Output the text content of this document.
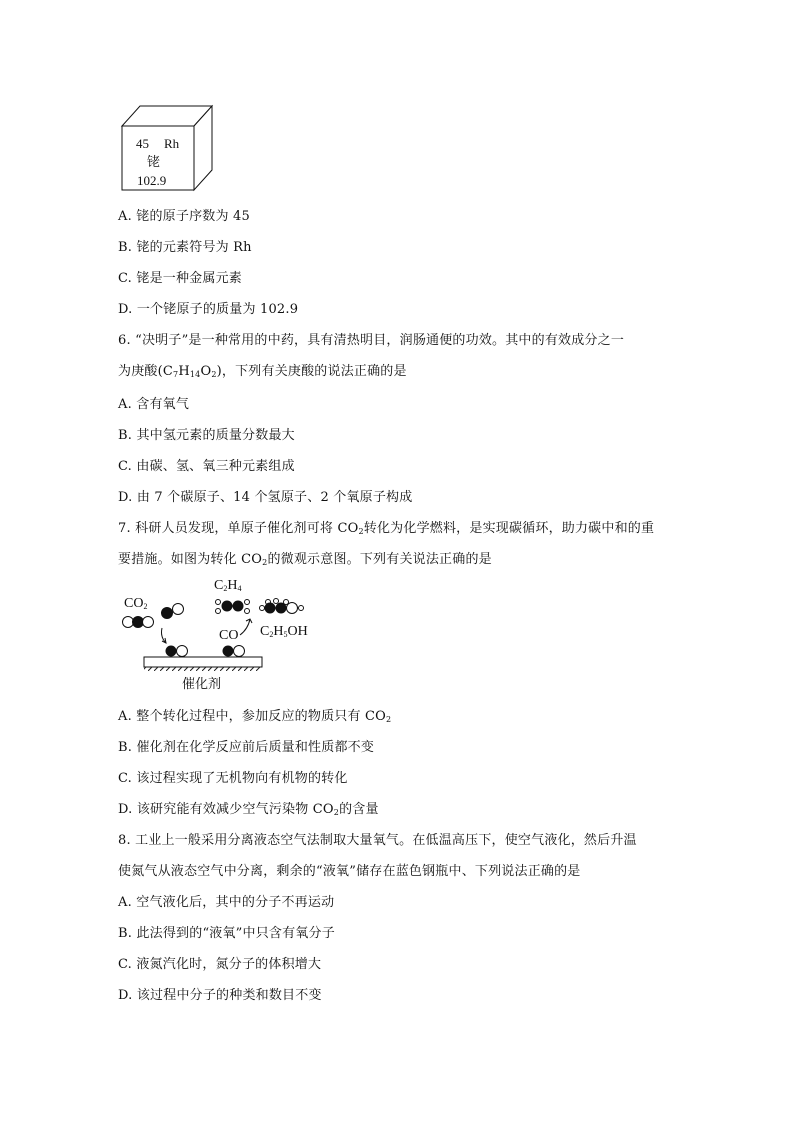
45 Rh
铑
102.9
A. 铑的原子序数为 45
B. 铑的元素符号为 Rh
C. 铑是一种金属元素
D. 一个铑原子的质量为 102.9
6. “决明子”是一种常用的中药，具有清热明目，润肠通便的功效。其中的有效成分之一
为庚酸$(C_7H_{14}O_2)$，下列有关庚酸的说法正确的是
A. 含有氧气
B. 其中氢元素的质量分数最大
C. 由碳、氢、氧三种元素组成
D. 由 7 个碳原子、14 个氢原子、2 个氧原子构成
7. 科研人员发现，单原子催化剂可将 $CO_2$转化为化学燃料，是实现碳循环，助力碳中和的重
要措施。如图为转化 $CO_2$的微观示意图。下列有关说法正确的是
$CO_2$
$C_2H_4$
CO $C_2H_5OH$
催化剂
A. 整个转化过程中，参加反应的物质只有 $CO_2$
B. 催化剂在化学反应前后质量和性质都不变
C. 该过程实现了无机物向有机物的转化
D. 该研究能有效减少空气污染物 $CO_2$的含量
8. 工业上一般采用分离液态空气法制取大量氧气。在低温高压下，使空气液化，然后升温
使氮气从液态空气中分离，剩余的“液氧”储存在蓝色钢瓶中、下列说法正确的是
A. 空气液化后，其中的分子不再运动
B. 此法得到的“液氧”中只含有氧分子
C. 液氮汽化时，氮分子的体积增大
D. 该过程中分子的种类和数目不变
